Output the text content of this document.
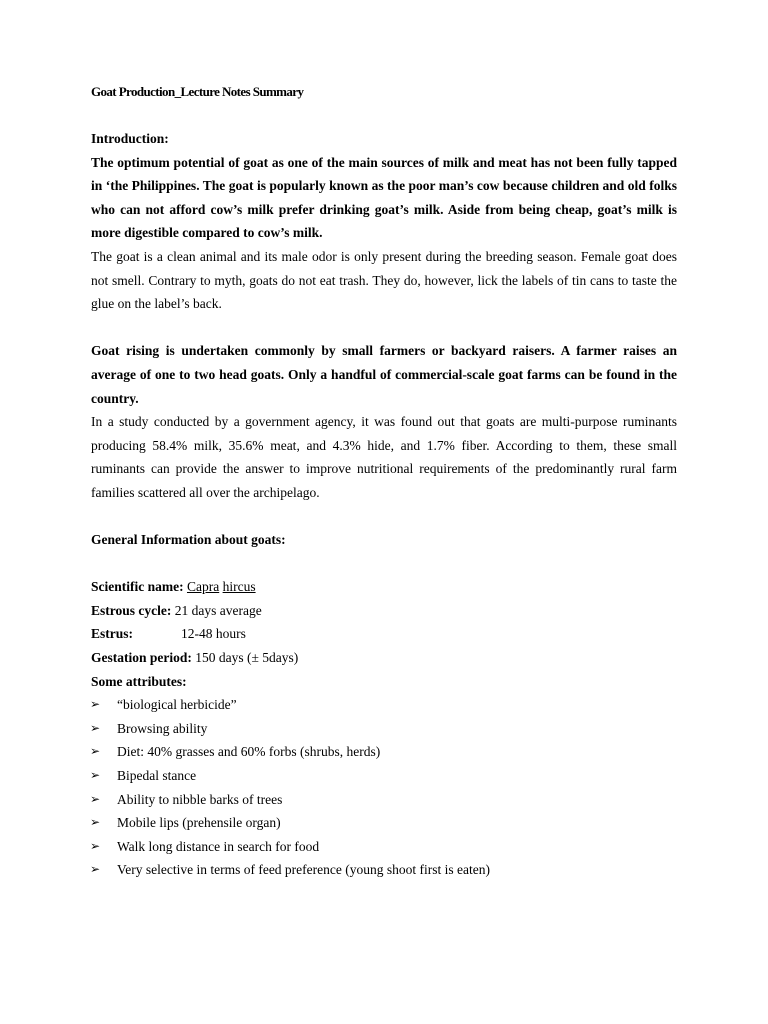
Goat Production_Lecture Notes Summary

Introduction:

The optimum potential of goat as one of the main sources of milk and meat has not been fully tapped in ‘the Philippines. The goat is popularly known as the poor man’s cow because children and old folks who can not afford cow’s milk prefer drinking goat’s milk. Aside from being cheap, goat’s milk is more digestible compared to cow’s milk.

The goat is a clean animal and its male odor is only present during the breeding season. Female goat does not smell. Contrary to myth, goats do not eat trash. They do, however, lick the labels of tin cans to taste the glue on the label’s back.

Goat rising is undertaken commonly by small farmers or backyard raisers. A farmer raises an average of one to two head goats. Only a handful of commercial-scale goat farms can be found in the country.

In a study conducted by a government agency, it was found out that goats are multi-purpose ruminants producing 58.4% milk, 35.6% meat, and 4.3% hide, and 1.7% fiber. According to them, these small ruminants can provide the answer to improve nutritional requirements of the predominantly rural farm families scattered all over the archipelago.

General Information about goats:

Scientific name: Capra hircus

Estrous cycle: 21 days average

Estrus:	12-48 hours

Gestation period: 150 days (± 5days)

Some attributes:

➢ “biological herbicide”
➢ Browsing ability
➢ Diet: 40% grasses and 60% forbs (shrubs, herds)
➢ Bipedal stance
➢ Ability to nibble barks of trees
➢ Mobile lips (prehensile organ)
➢ Walk long distance in search for food
➢ Very selective in terms of feed preference (young shoot first is eaten)
